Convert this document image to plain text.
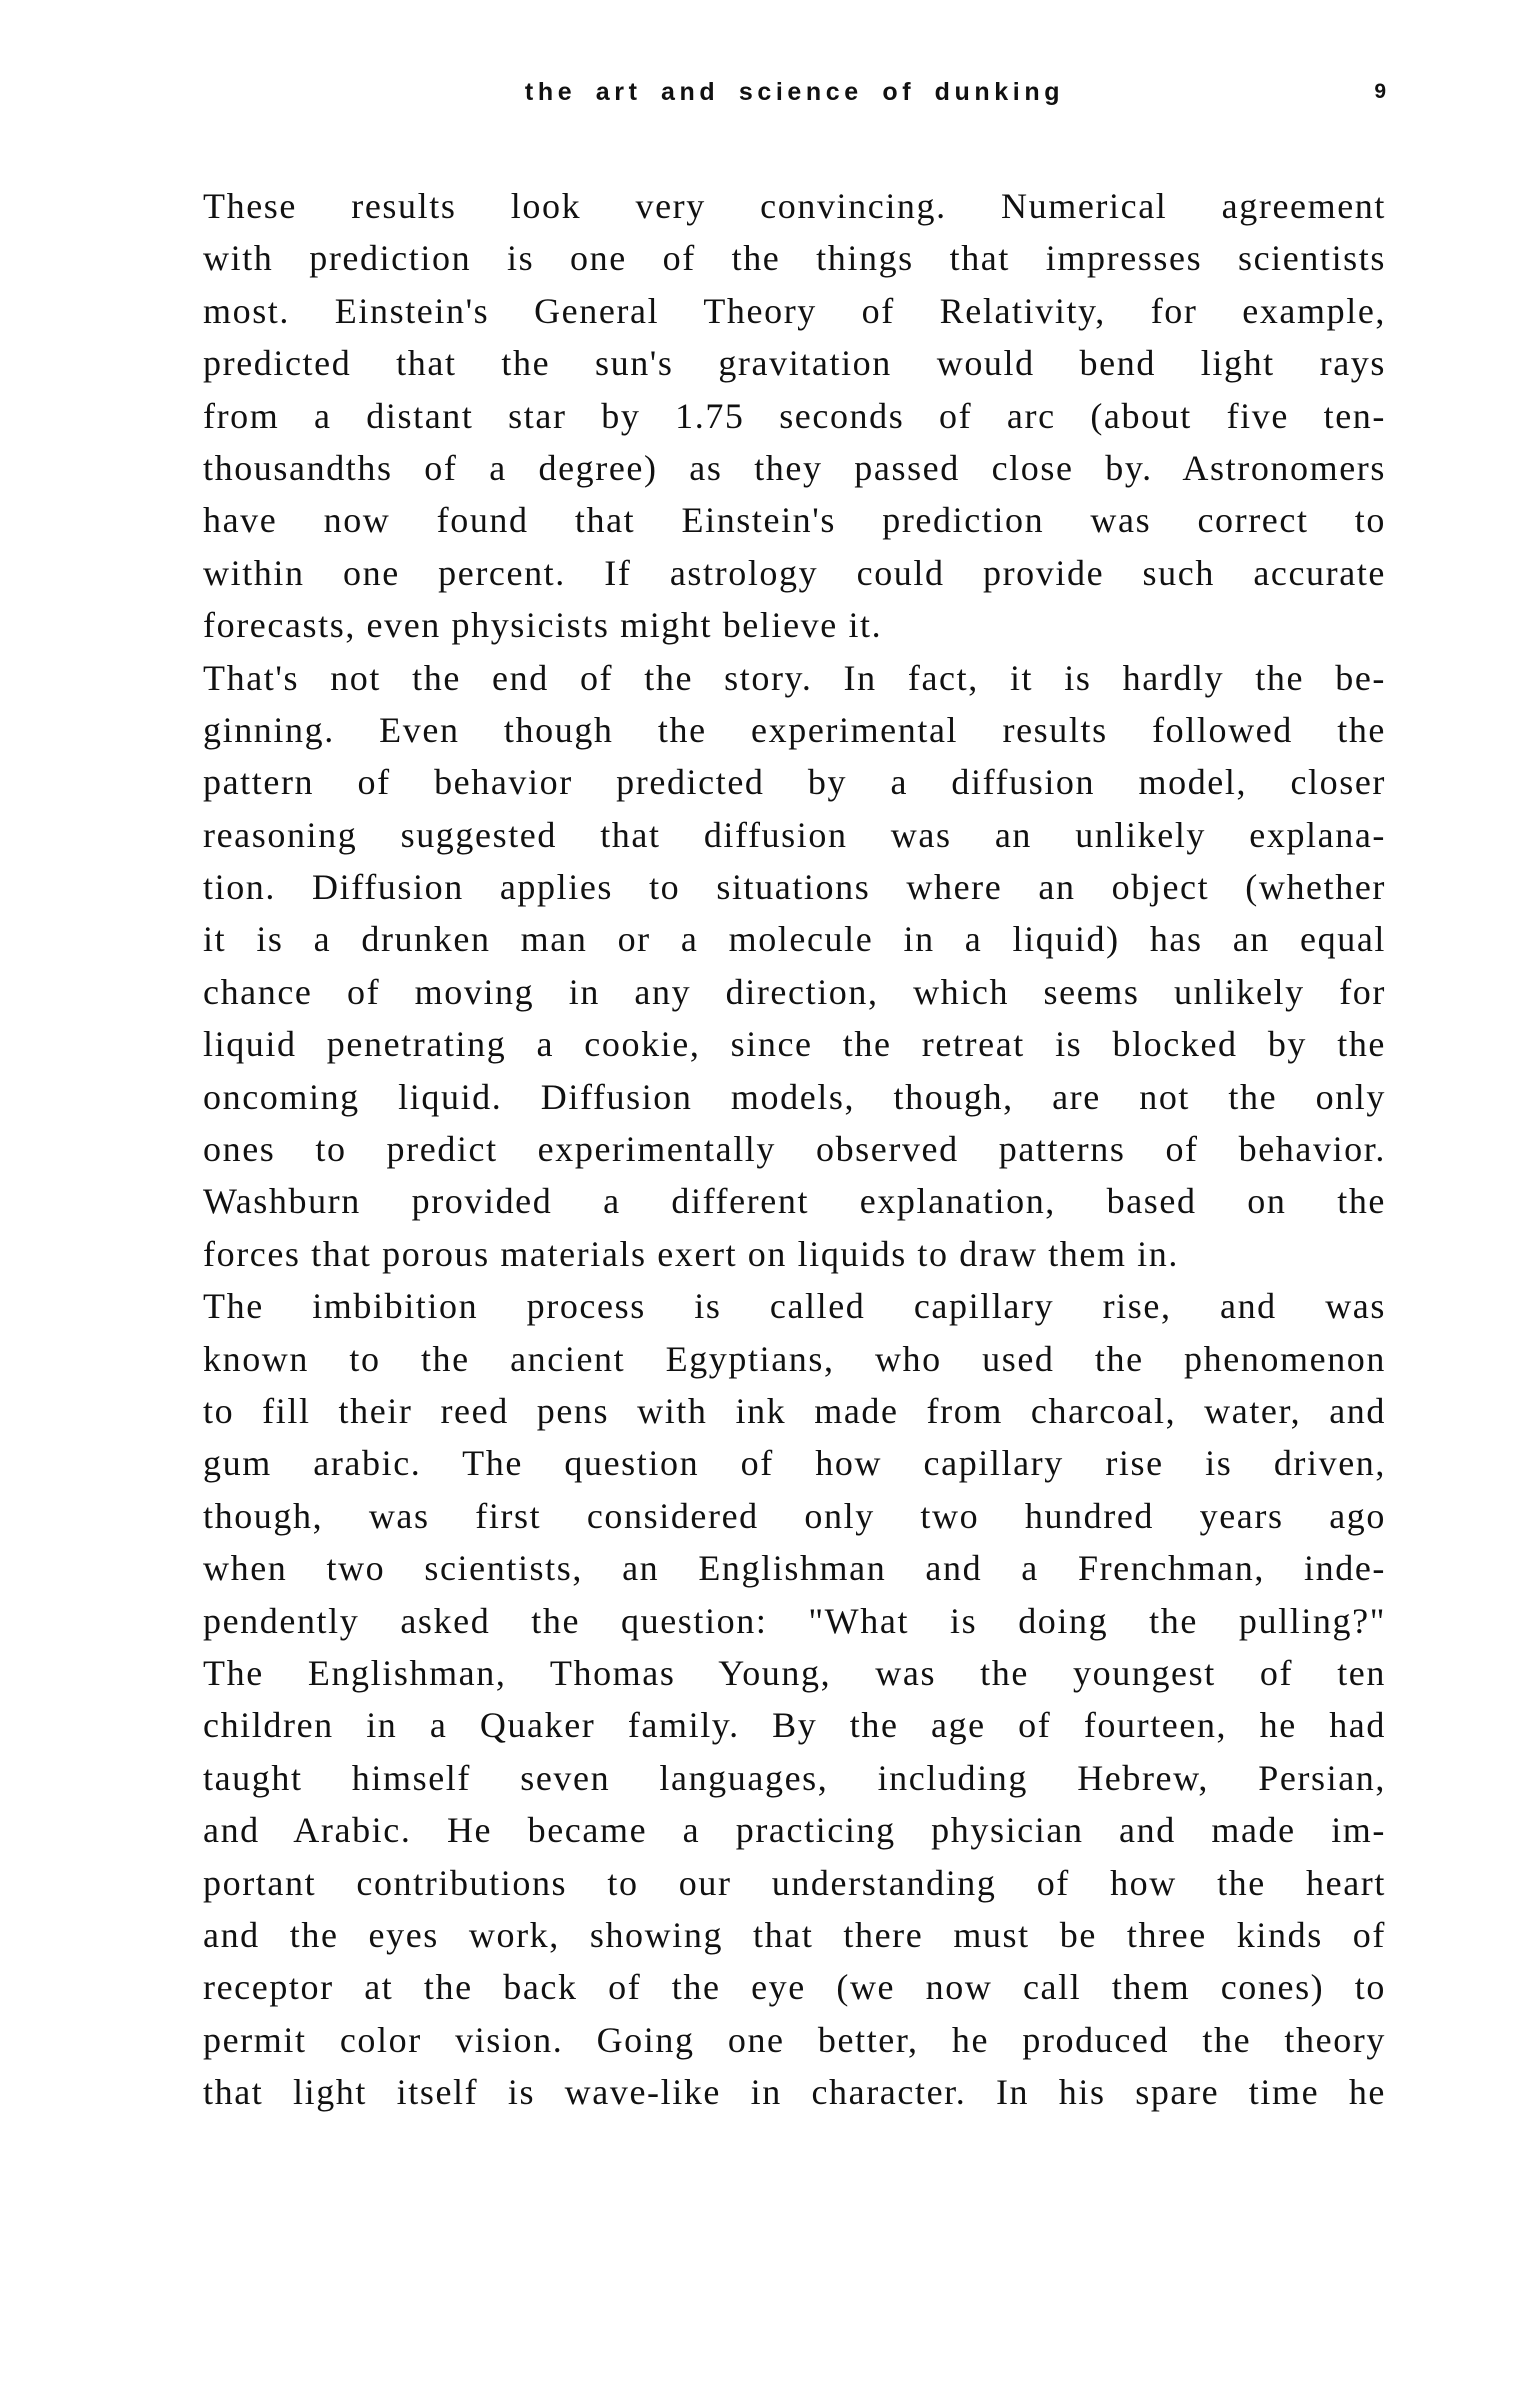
the art and science of dunking	9
These results look very convincing. Numerical agreement
with prediction is one of the things that impresses scientists
most. Einstein's General Theory of Relativity, for example,
predicted that the sun's gravitation would bend light rays
from a distant star by 1.75 seconds of arc (about five ten-
thousandths of a degree) as they passed close by. Astronomers
have now found that Einstein's prediction was correct to
within one percent. If astrology could provide such accurate
forecasts, even physicists might believe it.
That's not the end of the story. In fact, it is hardly the be-
ginning. Even though the experimental results followed the
pattern of behavior predicted by a diffusion model, closer
reasoning suggested that diffusion was an unlikely explana-
tion. Diffusion applies to situations where an object (whether
it is a drunken man or a molecule in a liquid) has an equal
chance of moving in any direction, which seems unlikely for
liquid penetrating a cookie, since the retreat is blocked by the
oncoming liquid. Diffusion models, though, are not the only
ones to predict experimentally observed patterns of behavior.
Washburn provided a different explanation, based on the
forces that porous materials exert on liquids to draw them in.
The imbibition process is called capillary rise, and was
known to the ancient Egyptians, who used the phenomenon
to fill their reed pens with ink made from charcoal, water, and
gum arabic. The question of how capillary rise is driven,
though, was first considered only two hundred years ago
when two scientists, an Englishman and a Frenchman, inde-
pendently asked the question: "What is doing the pulling?"
The Englishman, Thomas Young, was the youngest of ten
children in a Quaker family. By the age of fourteen, he had
taught himself seven languages, including Hebrew, Persian,
and Arabic. He became a practicing physician and made im-
portant contributions to our understanding of how the heart
and the eyes work, showing that there must be three kinds of
receptor at the back of the eye (we now call them cones) to
permit color vision. Going one better, he produced the theory
that light itself is wave-like in character. In his spare time he
